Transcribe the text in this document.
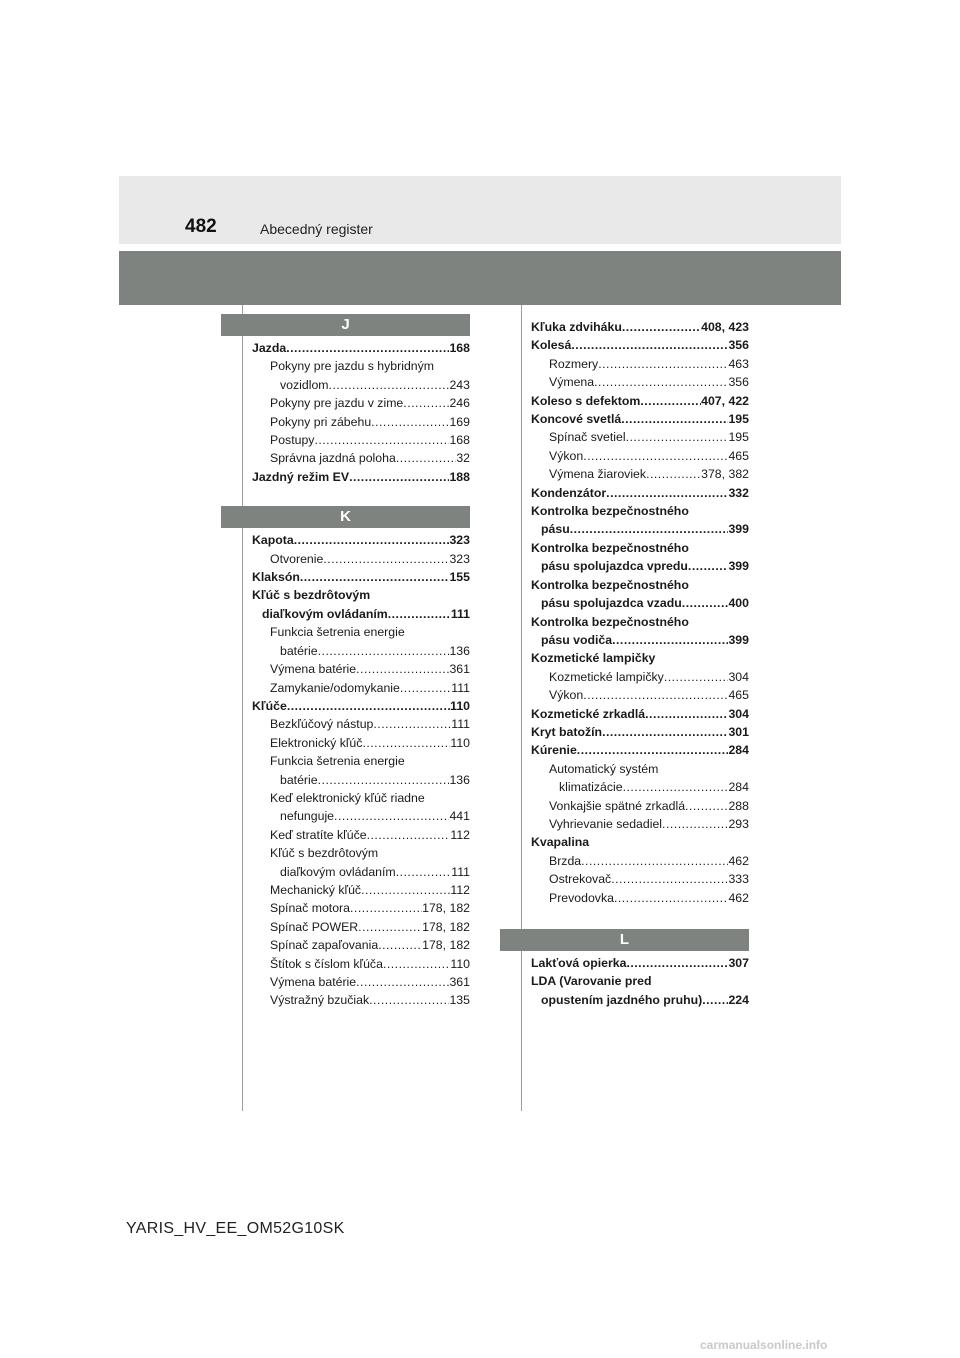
482	Abecedný register
J
Jazda .....	168
Pokyny pre jazdu s hybridným
vozidlom .....	243
Pokyny pre jazdu v zime .....	246
Pokyny pri zábehu .....	169
Postupy .....	168
Správna jazdná poloha .....	32
Jazdný režim EV .....	188
K
Kapota .....	323
Otvorenie .....	323
Klaksón .....	155
Kľúč s bezdrôtovým
diaľkovým ovládaním .....	111
Funkcia šetrenia energie
batérie .....	136
Výmena batérie .....	361
Zamykanie/odomykanie .....	111
Kľúče .....	110
Bezkľúčový nástup .....	111
Elektronický kľúč .....	110
Funkcia šetrenia energie
batérie .....	136
Keď elektronický kľúč riadne
nefunguje .....	441
Keď stratíte kľúče .....	112
Kľúč s bezdrôtovým
diaľkovým ovládaním .....	111
Mechanický kľúč .....	112
Spínač motora .....	178, 182
Spínač POWER .....	178, 182
Spínač zapaľovania .....	178, 182
Štítok s číslom kľúča .....	110
Výmena batérie .....	361
Výstražný bzučiak .....	135
Kľuka zdviháku .....	408, 423
Kolesá .....	356
Rozmery .....	463
Výmena .....	356
Koleso s defektom .....	407, 422
Koncové svetlá .....	195
Spínač svetiel .....	195
Výkon .....	465
Výmena žiaroviek .....	378, 382
Kondenzátor .....	332
Kontrolka bezpečnostného
pásu .....	399
Kontrolka bezpečnostného
pásu spolujazdca vpredu .....	399
Kontrolka bezpečnostného
pásu spolujazdca vzadu .....	400
Kontrolka bezpečnostného
pásu vodiča .....	399
Kozmetické lampičky
Kozmetické lampičky .....	304
Výkon .....	465
Kozmetické zrkadlá .....	304
Kryt batožín .....	301
Kúrenie .....	284
Automatický systém
klimatizácie .....	284
Vonkajšie spätné zrkadlá .....	288
Vyhrievanie sedadiel .....	293
Kvapalina
Brzda .....	462
Ostrekovač .....	333
Prevodovka .....	462
L
Lakťová opierka .....	307
LDA (Varovanie pred
opustením jazdného pruhu) ..... 224
YARIS_HV_EE_OM52G10SK
carmanualsonline.info
